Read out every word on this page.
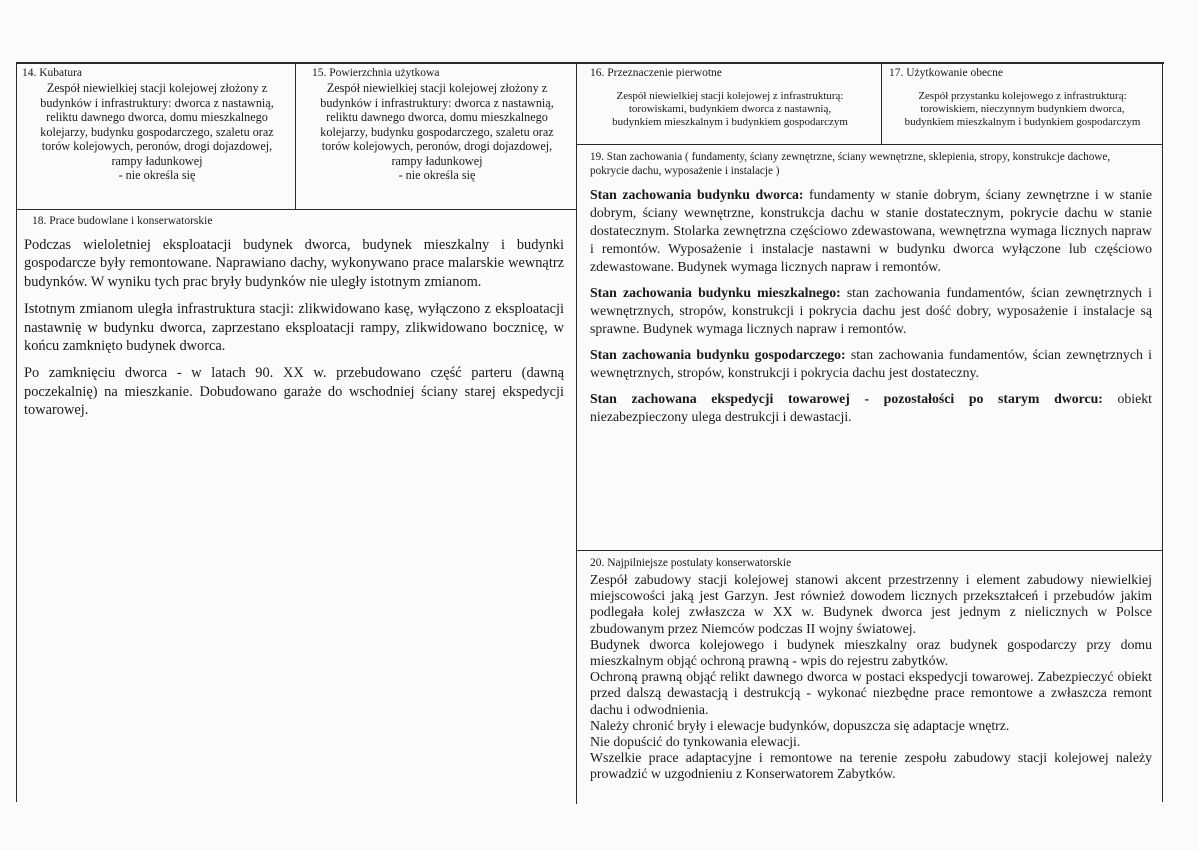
14. Kubatura
Zespół niewielkiej stacji kolejowej złożony z
budynków i infrastruktury: dworca z nastawnią,
reliktu dawnego dworca, domu mieszkalnego
kolejarzy, budynku gospodarczego, szaletu oraz
torów kolejowych, peronów, drogi dojazdowej,
rampy ładunkowej
- nie określa się
15. Powierzchnia użytkowa
Zespół niewielkiej stacji kolejowej złożony z
budynków i infrastruktury: dworca z nastawnią,
reliktu dawnego dworca, domu mieszkalnego
kolejarzy, budynku gospodarczego, szaletu oraz
torów kolejowych, peronów, drogi dojazdowej,
rampy ładunkowej
- nie określa się
16. Przeznaczenie pierwotne
Zespół niewielkiej stacji kolejowej z infrastrukturą:
torowiskami, budynkiem dworca z nastawnią,
budynkiem mieszkalnym i budynkiem gospodarczym
17. Użytkowanie obecne
Zespół przystanku kolejowego z infrastrukturą:
torowiskiem, nieczynnym budynkiem dworca,
budynkiem mieszkalnym i budynkiem gospodarczym
18. Prace budowlane i konserwatorskie

Podczas wieloletniej eksploatacji budynek dworca, budynek mieszkalny i budynki gospodarcze były remontowane. Naprawiano dachy, wykonywano prace malarskie wewnątrz budynków. W wyniku tych prac bryły budynków nie uległy istotnym zmianom.

Istotnym zmianom uległa infrastruktura stacji: zlikwidowano kasę, wyłączono z eksploatacji nastawnię w budynku dworca, zaprzestano eksploatacji rampy, zlikwidowano bocznicę, w końcu zamknięto budynek dworca.

Po zamknięciu dworca - w latach 90. XX w. przebudowano część parteru (dawną poczekalnię) na mieszkanie. Dobudowano garaże do wschodniej ściany starej ekspedycji towarowej.

19. Stan zachowania ( fundamenty, ściany zewnętrzne, ściany wewnętrzne, sklepienia, stropy, konstrukcje dachowe, pokrycie dachu, wyposażenie i instalacje )

Stan zachowania budynku dworca: fundamenty w stanie dobrym, ściany zewnętrzne i w stanie dobrym, ściany wewnętrzne, konstrukcja dachu w stanie dostatecznym, pokrycie dachu w stanie dostatecznym. Stolarka zewnętrzna częściowo zdewastowana, wewnętrzna wymaga licznych napraw i remontów. Wyposażenie i instalacje nastawni w budynku dworca wyłączone lub częściowo zdewastowane. Budynek wymaga licznych napraw i remontów.

Stan zachowania budynku mieszkalnego: stan zachowania fundamentów, ścian zewnętrznych i wewnętrznych, stropów, konstrukcji i pokrycia dachu jest dość dobry, wyposażenie i instalacje są sprawne. Budynek wymaga licznych napraw i remontów.

Stan zachowania budynku gospodarczego: stan zachowania fundamentów, ścian zewnętrznych i wewnętrznych, stropów, konstrukcji i pokrycia dachu jest dostateczny.

Stan zachowana ekspedycji towarowej - pozostałości po starym dworcu: obiekt niezabezpieczony ulega destrukcji i dewastacji.

20. Najpilniejsze postulaty konserwatorskie

Zespół zabudowy stacji kolejowej stanowi akcent przestrzenny i element zabudowy niewielkiej miejscowości jaką jest Garzyn. Jest również dowodem licznych przekształceń i przebudów jakim podlegała kolej zwłaszcza w XX w. Budynek dworca jest jednym z nielicznych w Polsce zbudowanym przez Niemców podczas II wojny światowej.

Budynek dworca kolejowego i budynek mieszkalny oraz budynek gospodarczy przy domu mieszkalnym objąć ochroną prawną - wpis do rejestru zabytków.

Ochroną prawną objąć relikt dawnego dworca w postaci ekspedycji towarowej. Zabezpieczyć obiekt przed dalszą dewastacją i destrukcją - wykonać niezbędne prace remontowe a zwłaszcza remont dachu i odwodnienia.

Należy chronić bryły i elewacje budynków, dopuszcza się adaptacje wnętrz.

Nie dopuścić do tynkowania elewacji.

Wszelkie prace adaptacyjne i remontowe na terenie zespołu zabudowy stacji kolejowej należy prowadzić w uzgodnieniu z Konserwatorem Zabytków.
